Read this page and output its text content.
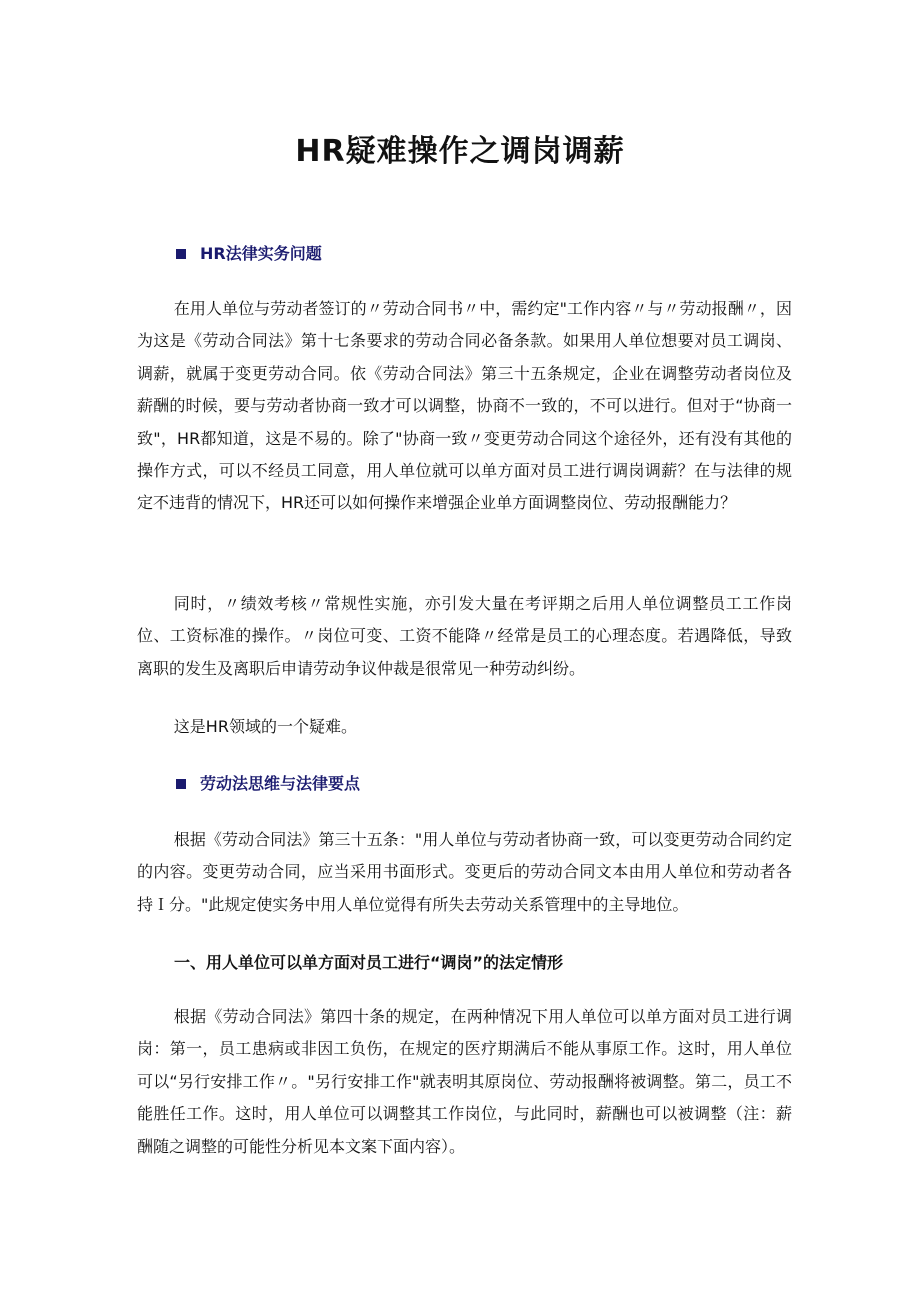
HR疑难操作之调岗调薪
HR法律实务问题
在用人单位与劳动者签订的〃劳动合同书〃中，需约定"工作内容〃与〃劳动报酬〃，因为这是《劳动合同法》第十七条要求的劳动合同必备条款。如果用人单位想要对员工调岗、调薪，就属于变更劳动合同。依《劳动合同法》第三十五条规定，企业在调整劳动者岗位及薪酬的时候，要与劳动者协商一致才可以调整，协商不一致的，不可以进行。但对于“协商一致"，HR都知道，这是不易的。除了"协商一致〃变更劳动合同这个途径外，还有没有其他的操作方式，可以不经员工同意，用人单位就可以单方面对员工进行调岗调薪？在与法律的规定不违背的情况下，HR还可以如何操作来增强企业单方面调整岗位、劳动报酬能力？
同时，〃绩效考核〃常规性实施，亦引发大量在考评期之后用人单位调整员工工作岗位、工资标准的操作。〃岗位可变、工资不能降〃经常是员工的心理态度。若遇降低，导致离职的发生及离职后申请劳动争议仲裁是很常见一种劳动纠纷。
这是HR领域的一个疑难。
劳动法思维与法律要点
根据《劳动合同法》第三十五条："用人单位与劳动者协商一致，可以变更劳动合同约定的内容。变更劳动合同，应当采用书面形式。变更后的劳动合同文本由用人单位和劳动者各持Ｉ分。"此规定使实务中用人单位觉得有所失去劳动关系管理中的主导地位。
一、用人单位可以单方面对员工进行“调岗”的法定情形
根据《劳动合同法》第四十条的规定，在两种情况下用人单位可以单方面对员工进行调岗：第一，员工患病或非因工负伤，在规定的医疗期满后不能从事原工作。这时，用人单位可以“另行安排工作〃。"另行安排工作"就表明其原岗位、劳动报酬将被调整。第二，员工不能胜任工作。这时，用人单位可以调整其工作岗位，与此同时，薪酬也可以被调整（注：薪酬随之调整的可能性分析见本文案下面内容）。
